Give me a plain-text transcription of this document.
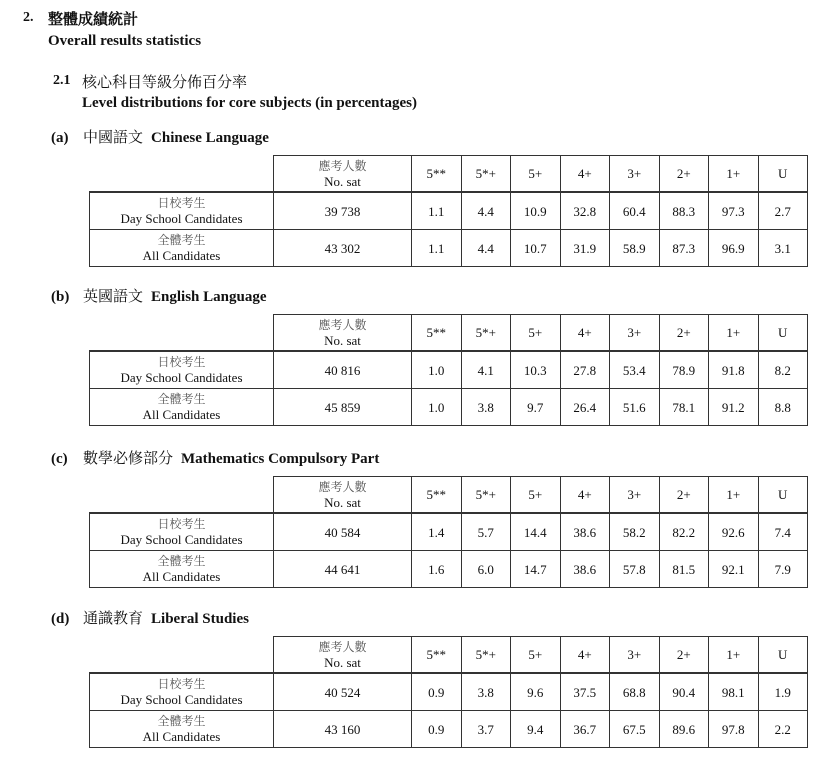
2. 整體成績統計
Overall results statistics
2.1 核心科目等級分佈百分率
Level distributions for core subjects (in percentages)
(a) 中國語文 Chinese Language

	應考人數
No. sat	5**	5*+	5+	4+	3+	2+	1+	U

日校考生
Day School Candidates	39 738	1.1	4.4	10.9	32.8	60.4	88.3	97.3	2.7

全體考生
All Candidates	43 302	1.1	4.4	10.7	31.9	58.9	87.3	96.9	3.1
(b) 英國語文 English Language

	應考人數
No. sat	5**	5*+	5+	4+	3+	2+	1+	U

日校考生
Day School Candidates	40 816	1.0	4.1	10.3	27.8	53.4	78.9	91.8	8.2

全體考生
All Candidates	45 859	1.0	3.8	9.7	26.4	51.6	78.1	91.2	8.8
(c) 數學必修部分 Mathematics Compulsory Part

	應考人數
No. sat	5**	5*+	5+	4+	3+	2+	1+	U

日校考生
Day School Candidates	40 584	1.4	5.7	14.4	38.6	58.2	82.2	92.6	7.4

全體考生
All Candidates	44 641	1.6	6.0	14.7	38.6	57.8	81.5	92.1	7.9
(d) 通識教育 Liberal Studies

	應考人數
No. sat	5**	5*+	5+	4+	3+	2+	1+	U

日校考生
Day School Candidates	40 524	0.9	3.8	9.6	37.5	68.8	90.4	98.1	1.9

全體考生
All Candidates	43 160	0.9	3.7	9.4	36.7	67.5	89.6	97.8	2.2
